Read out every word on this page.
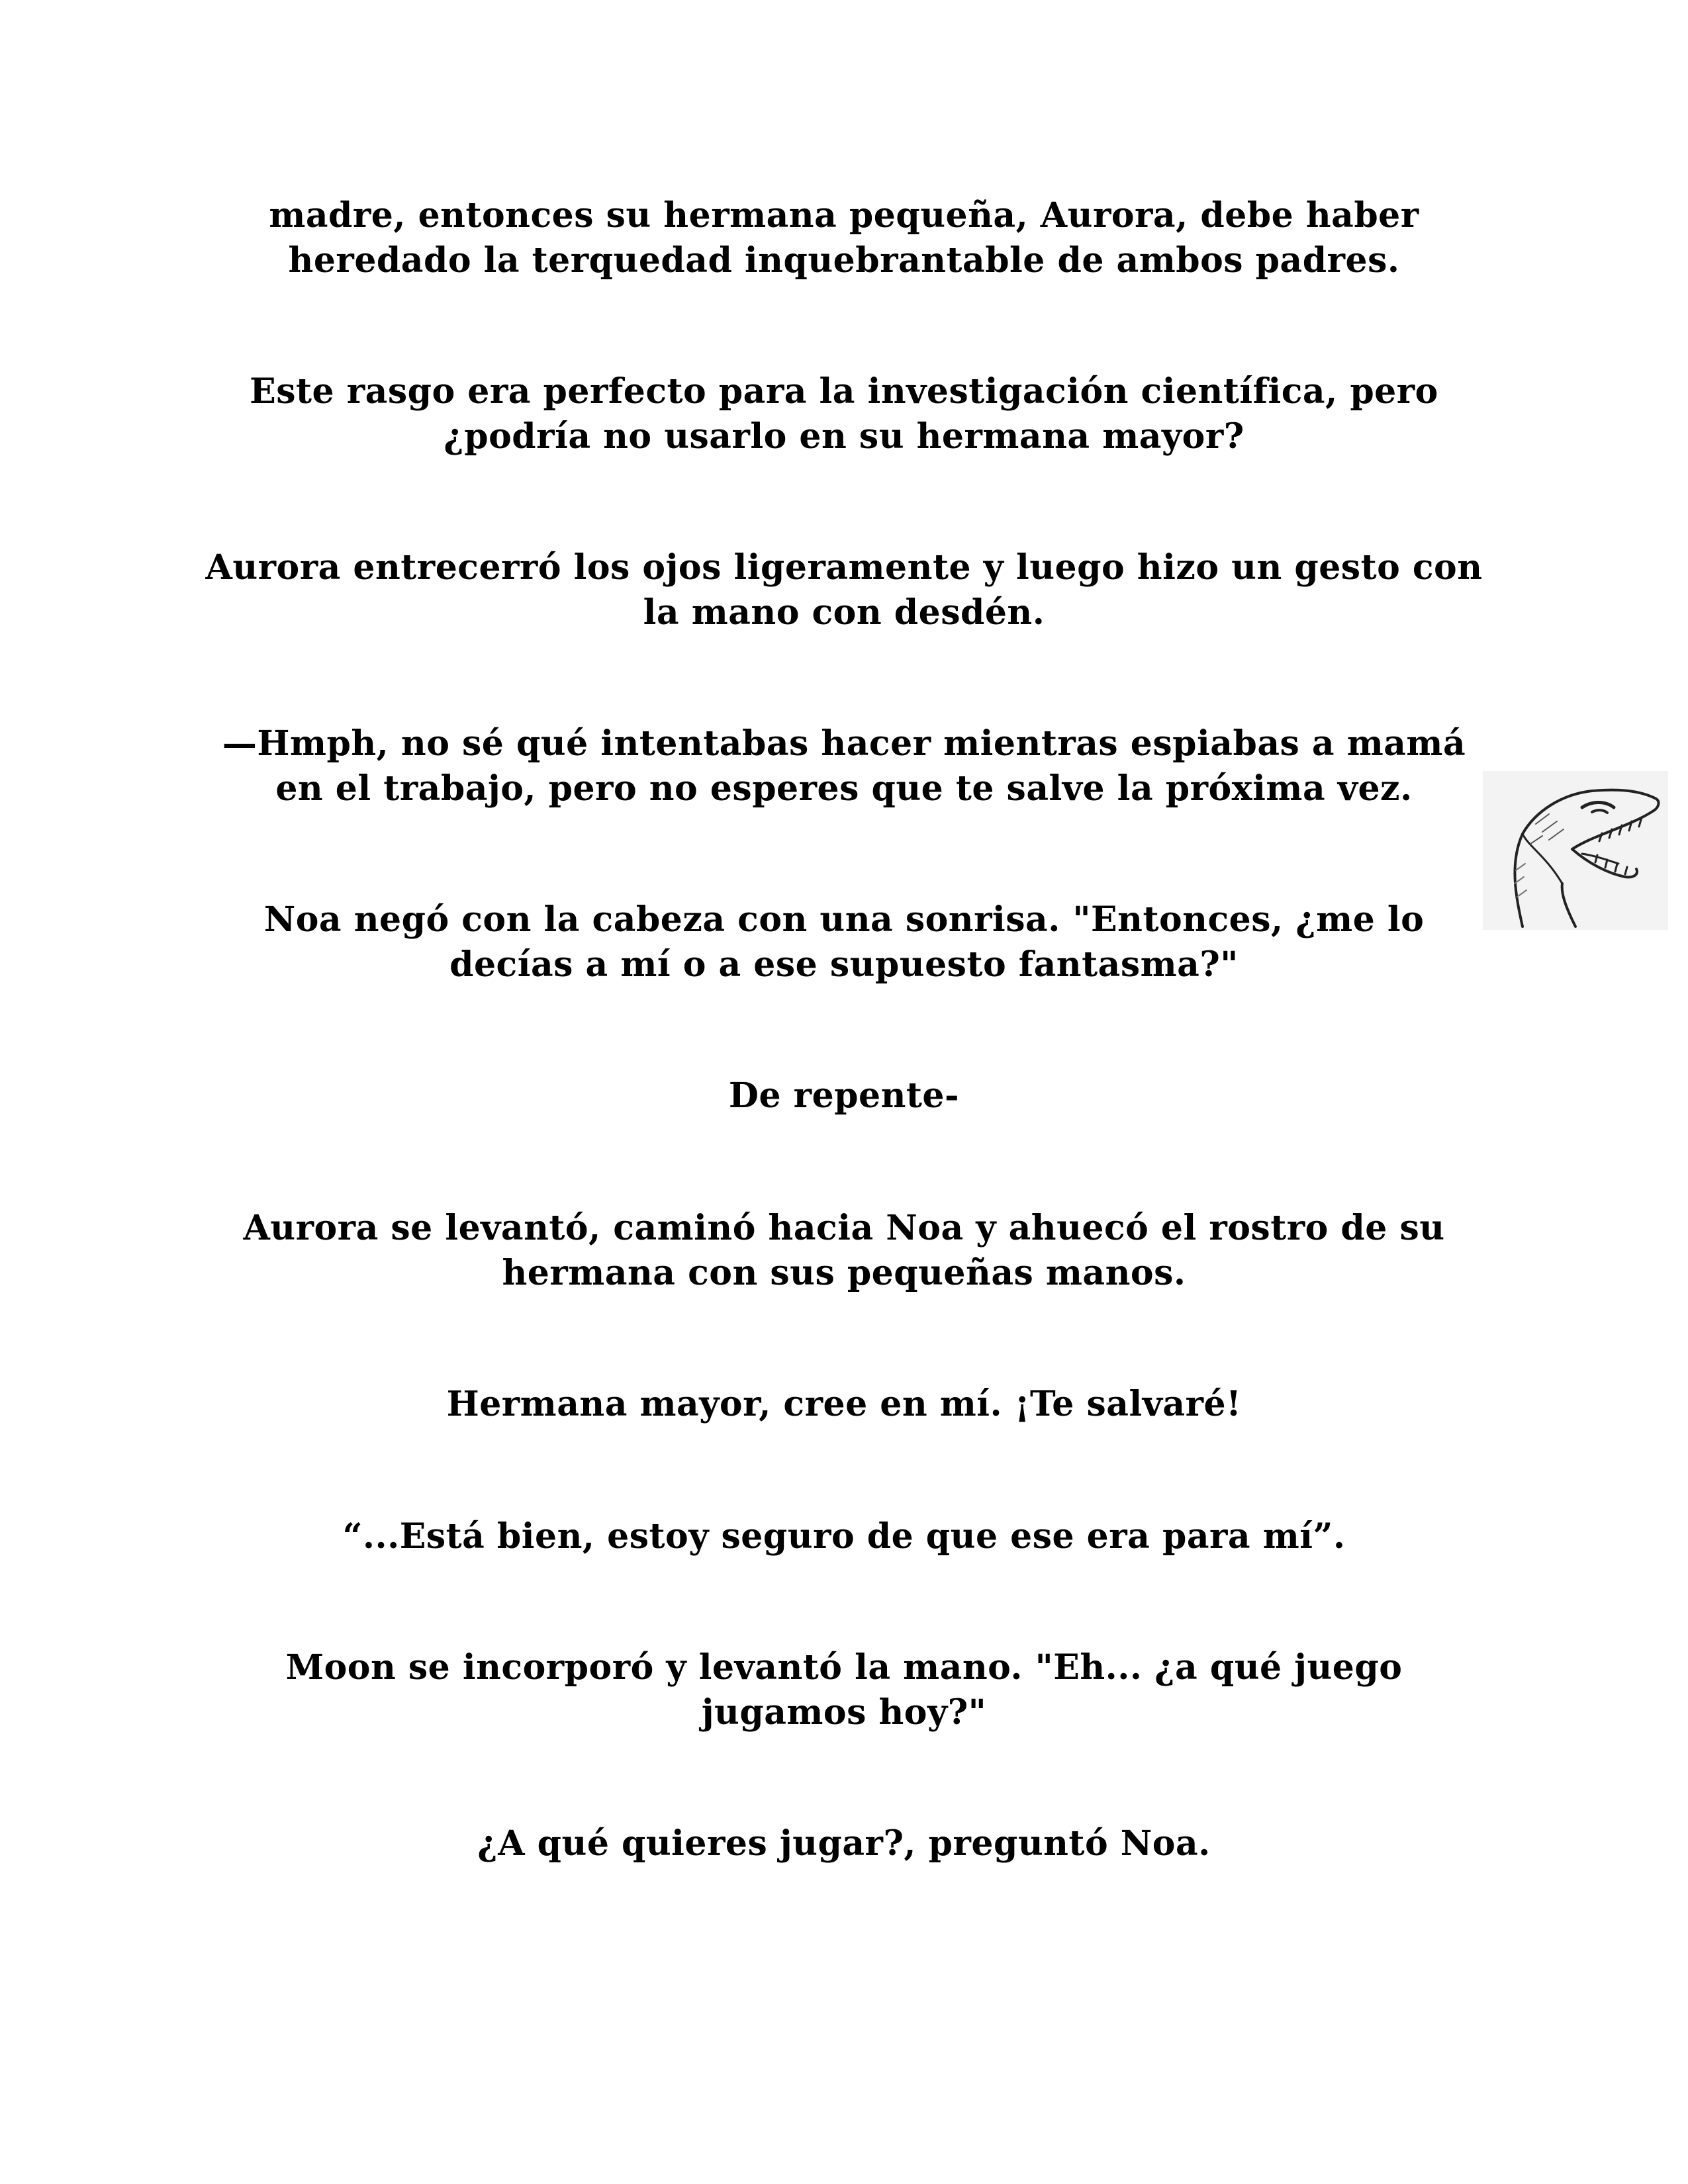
madre, entonces su hermana pequeña, Aurora, debe haber heredado la terquedad inquebrantable de ambos padres.

Este rasgo era perfecto para la investigación científica, pero ¿podría no usarlo en su hermana mayor?

Aurora entrecerró los ojos ligeramente y luego hizo un gesto con la mano con desdén.

—Hmph, no sé qué intentabas hacer mientras espiabas a mamá en el trabajo, pero no esperes que te salve la próxima vez.

Noa negó con la cabeza con una sonrisa. "Entonces, ¿me lo decías a mí o a ese supuesto fantasma?"

De repente-

Aurora se levantó, caminó hacia Noa y ahuecó el rostro de su hermana con sus pequeñas manos.

Hermana mayor, cree en mí. ¡Te salvaré!

“...Está bien, estoy seguro de que ese era para mí”.

Moon se incorporó y levantó la mano. "Eh... ¿a qué juego jugamos hoy?"

¿A qué quieres jugar?, preguntó Noa.
